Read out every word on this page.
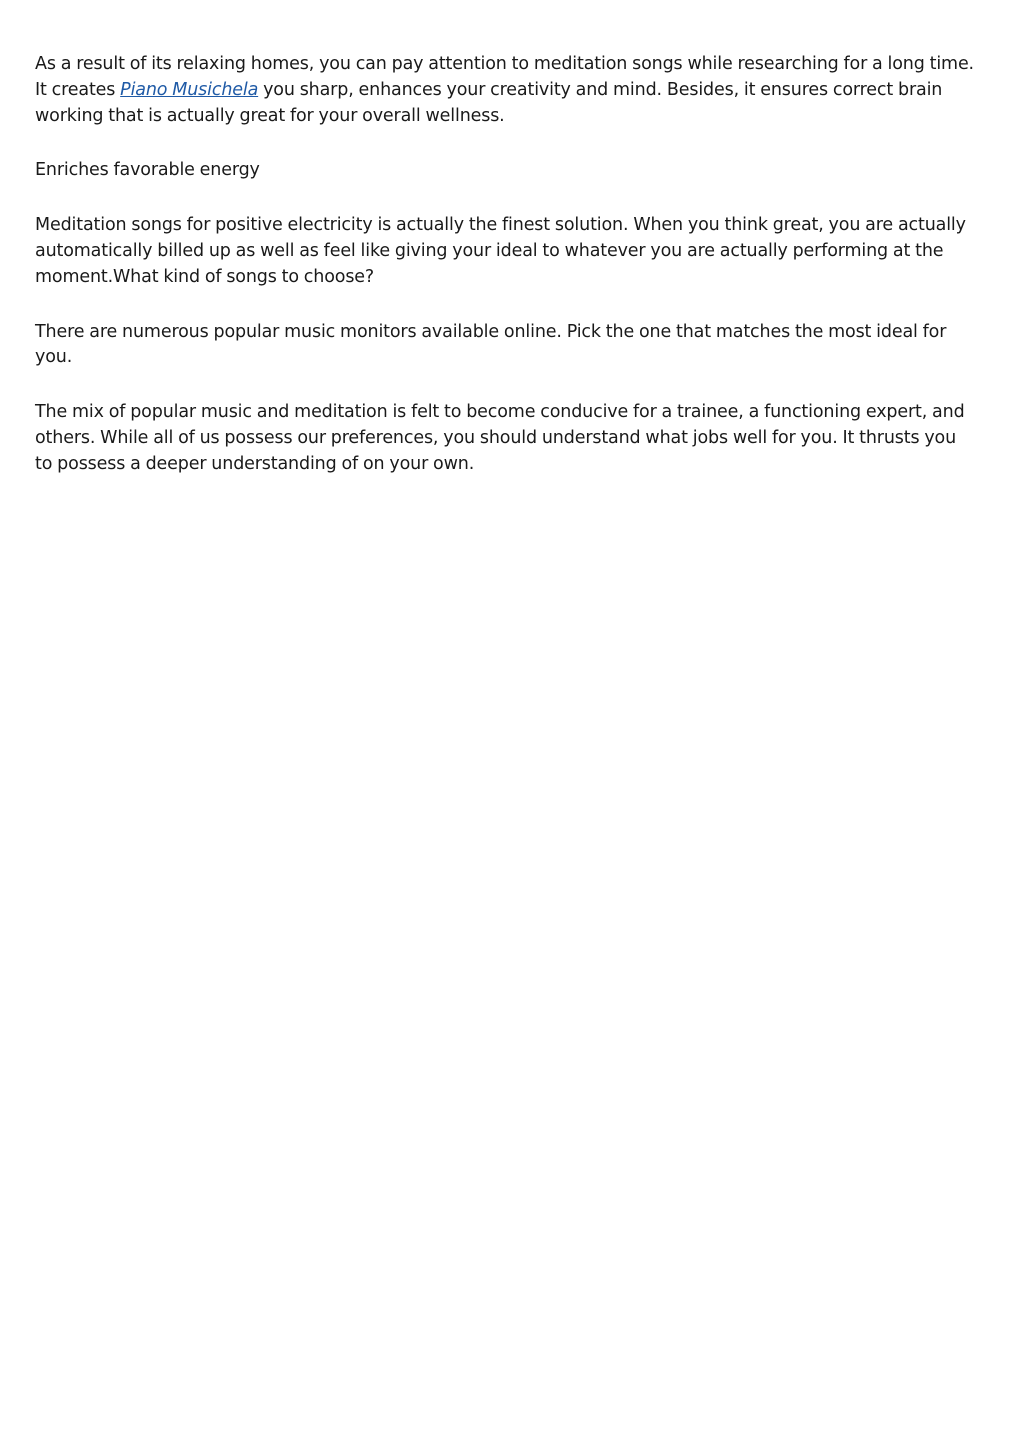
As a result of its relaxing homes, you can pay attention to meditation songs while researching for a long time. It creates Piano Musichela you sharp, enhances your creativity and mind. Besides, it ensures correct brain working that is actually great for your overall wellness.

Enriches favorable energy

Meditation songs for positive electricity is actually the finest solution. When you think great, you are actually automatically billed up as well as feel like giving your ideal to whatever you are actually performing at the moment.What kind of songs to choose?

There are numerous popular music monitors available online. Pick the one that matches the most ideal for you.

The mix of popular music and meditation is felt to become conducive for a trainee, a functioning expert, and others. While all of us possess our preferences, you should understand what jobs well for you. It thrusts you to possess a deeper understanding of on your own.
